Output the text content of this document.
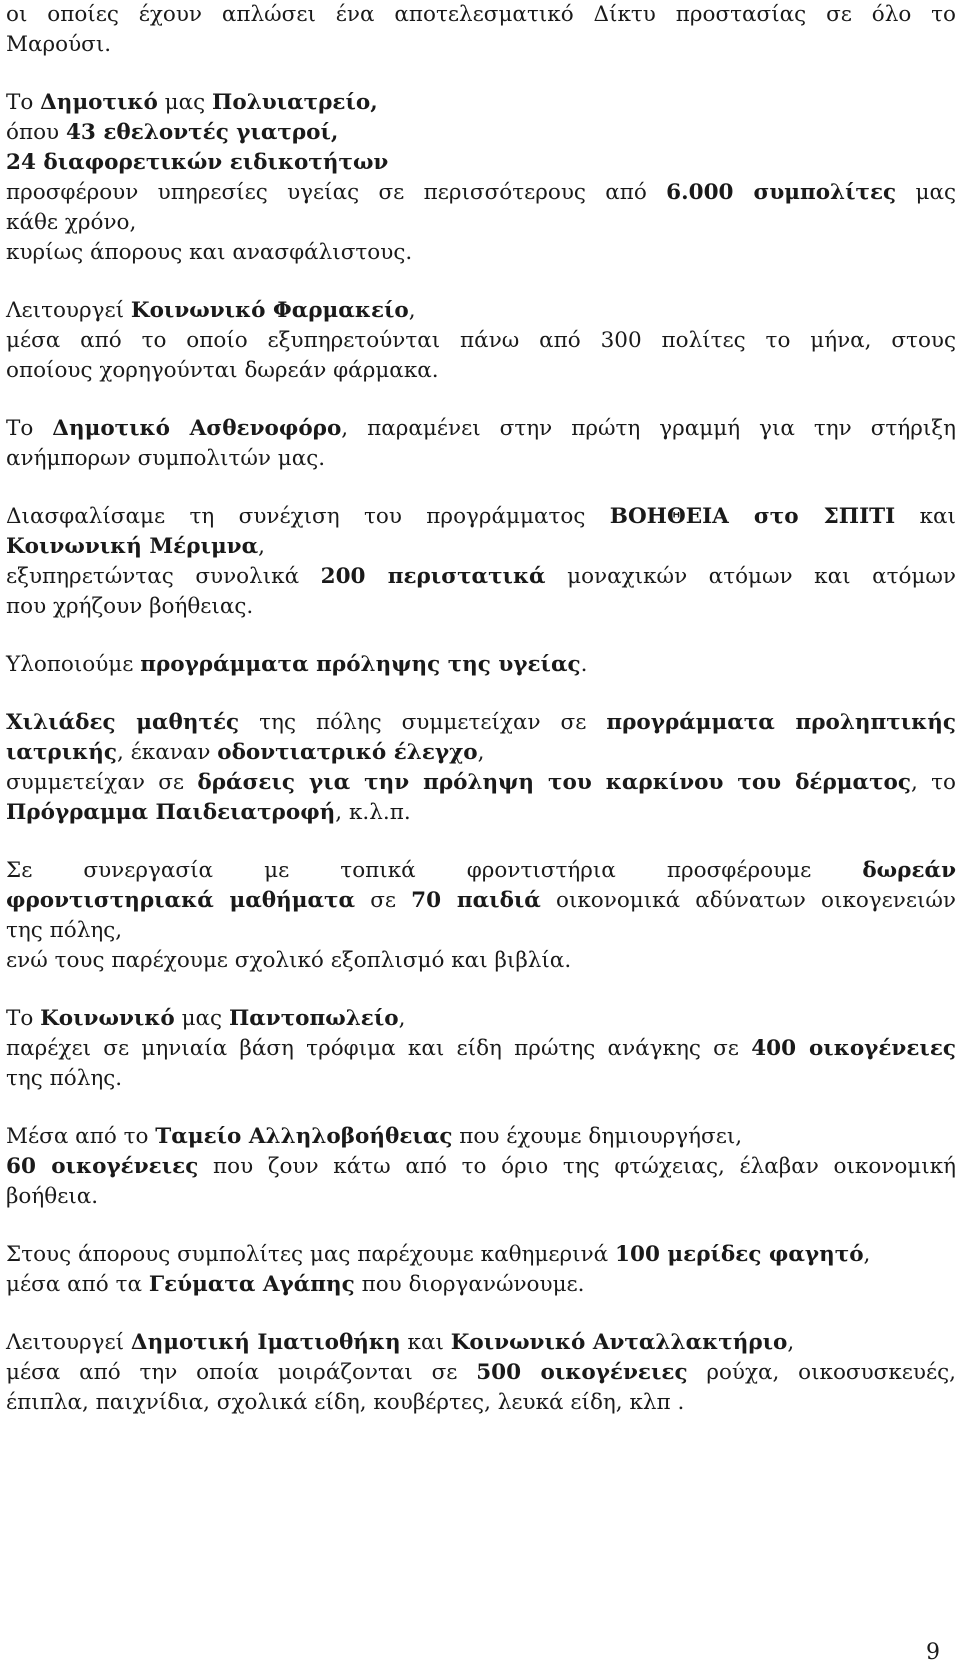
οι οποίες έχουν απλώσει ένα αποτελεσματικό Δίκτυ προστασίας σε όλο το
Μαρούσι.
Το Δημοτικό μας Πολυιατρείο,
όπου 43 εθελοντές γιατροί,
24 διαφορετικών ειδικοτήτων
προσφέρουν υπηρεσίες υγείας σε περισσότερους από 6.000 συμπολίτες μας
κάθε χρόνο,
κυρίως άπορους και ανασφάλιστους.
Λειτουργεί Κοινωνικό Φαρμακείο,
μέσα από το οποίο εξυπηρετούνται πάνω από 300 πολίτες το μήνα, στους
οποίους χορηγούνται δωρεάν φάρμακα.
Το Δημοτικό Ασθενοφόρο, παραμένει στην πρώτη γραμμή για την στήριξη
ανήμπορων συμπολιτών μας.
Διασφαλίσαμε τη συνέχιση του προγράμματος ΒΟΗΘΕΙΑ στο ΣΠΙΤΙ και
Κοινωνική Μέριμνα,
εξυπηρετώντας συνολικά 200 περιστατικά μοναχικών ατόμων και ατόμων
που χρήζουν βοήθειας.
Υλοποιούμε προγράμματα πρόληψης της υγείας.
Χιλιάδες μαθητές της πόλης συμμετείχαν σε προγράμματα προληπτικής
ιατρικής, έκαναν οδοντιατρικό έλεγχο,
συμμετείχαν σε δράσεις για την πρόληψη του καρκίνου του δέρματος, το
Πρόγραμμα Παιδειατροφή, κ.λ.π.
Σε συνεργασία με τοπικά φροντιστήρια προσφέρουμε δωρεάν
φροντιστηριακά μαθήματα σε 70 παιδιά οικονομικά αδύνατων οικογενειών
της πόλης,
ενώ τους παρέχουμε σχολικό εξοπλισμό και βιβλία.
Το Κοινωνικό μας Παντοπωλείο,
παρέχει σε μηνιαία βάση τρόφιμα και είδη πρώτης ανάγκης σε 400 οικογένειες
της πόλης.
Μέσα από το Ταμείο Αλληλοβοήθειας που έχουμε δημιουργήσει,
60 οικογένειες που ζουν κάτω από το όριο της φτώχειας, έλαβαν οικονομική
βοήθεια.
Στους άπορους συμπολίτες μας παρέχουμε καθημερινά 100 μερίδες φαγητό,
μέσα από τα Γεύματα Αγάπης που διοργανώνουμε.
Λειτουργεί Δημοτική Ιματιοθήκη και Κοινωνικό Ανταλλακτήριο,
μέσα από την οποία μοιράζονται σε 500 οικογένειες ρούχα, οικοσυσκευές,
έπιπλα, παιχνίδια, σχολικά είδη, κουβέρτες, λευκά είδη, κλπ .
9
